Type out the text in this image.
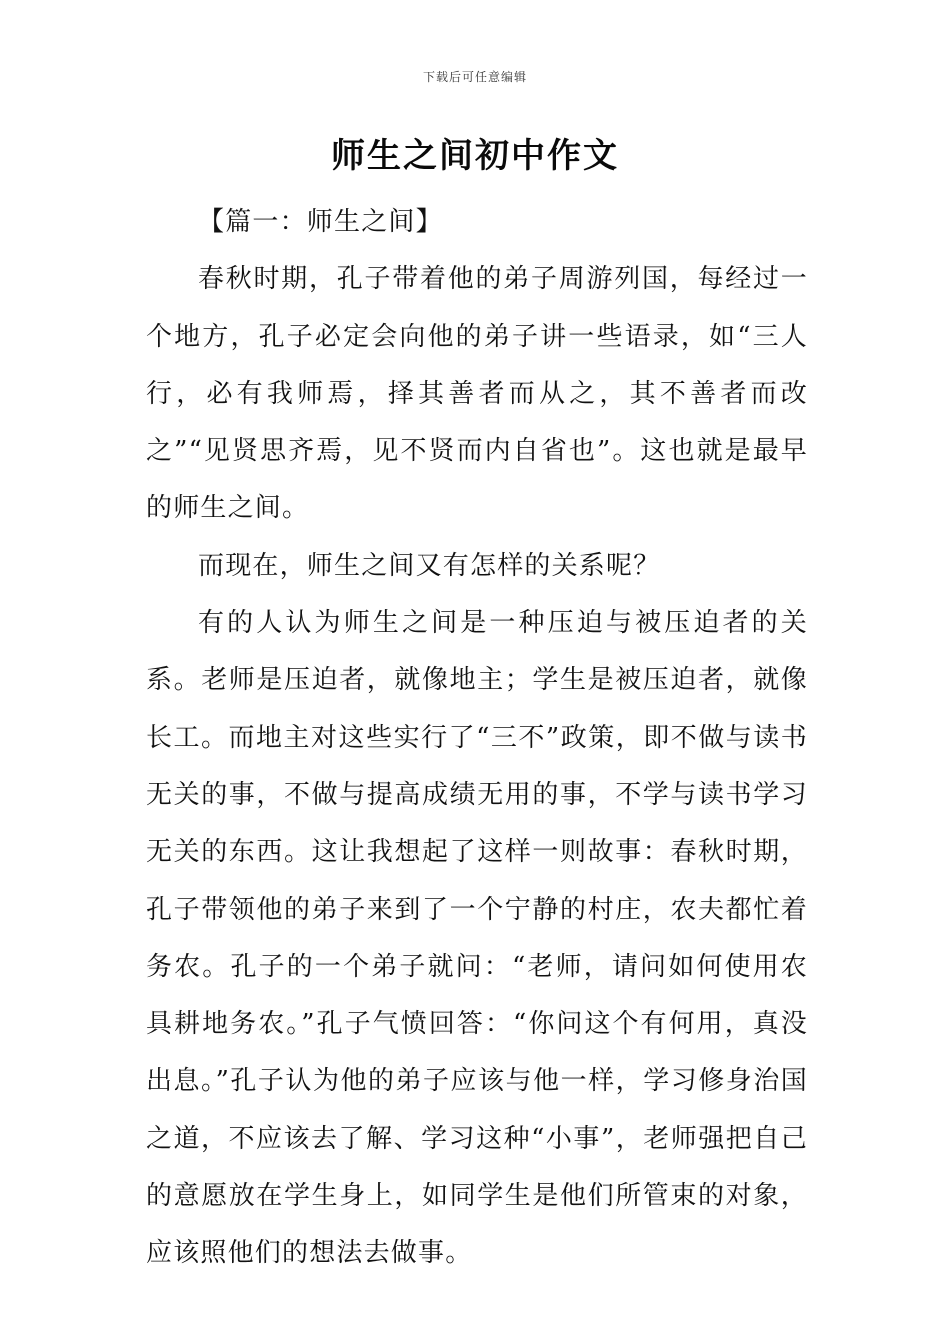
下载后可任意编辑
师生之间初中作文

【篇一：师生之间】

春秋时期，孔子带着他的弟子周游列国，每经过一个地方，孔子必定会向他的弟子讲一些语录，如“三人行，必有我师焉，择其善者而从之，其不善者而改之”“见贤思齐焉，见不贤而内自省也”。这也就是最早的师生之间。

而现在，师生之间又有怎样的关系呢？

有的人认为师生之间是一种压迫与被压迫者的关系。老师是压迫者，就像地主；学生是被压迫者，就像长工。而地主对这些实行了“三不”政策，即不做与读书无关的事，不做与提高成绩无用的事，不学与读书学习无关的东西。这让我想起了这样一则故事：春秋时期，孔子带领他的弟子来到了一个宁静的村庄，农夫都忙着务农。孔子的一个弟子就问：“老师，请问如何使用农具耕地务农。”孔子气愤回答：“你问这个有何用，真没出息。”孔子认为他的弟子应该与他一样，学习修身治国之道，不应该去了解、学习这种“小事”，老师强把自己的意愿放在学生身上，如同学生是他们所管束的对象，应该照他们的想法去做事。
